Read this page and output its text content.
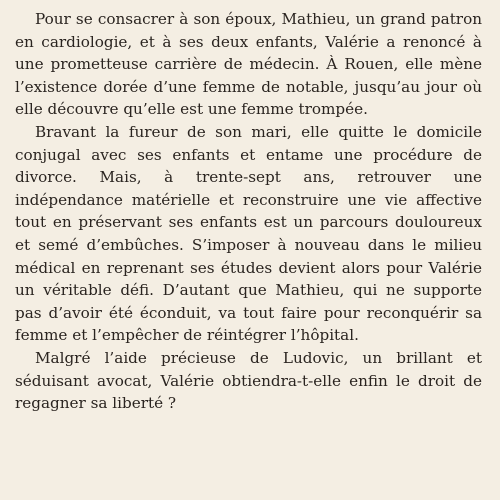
Pour se consacrer à son époux, Mathieu, un grand patron en cardiologie, et à ses deux enfants, Valérie a renoncé à une prometteuse carrière de médecin. À Rouen, elle mène l’existence dorée d’une femme de notable, jusqu’au jour où elle découvre qu’elle est une femme trompée.

Bravant la fureur de son mari, elle quitte le domicile conjugal avec ses enfants et entame une procédure de divorce. Mais, à trente-sept ans, retrouver une indépendance matérielle et reconstruire une vie affective tout en préservant ses enfants est un parcours douloureux et semé d’embûches. S’imposer à nouveau dans le milieu médical en reprenant ses études devient alors pour Valérie un véritable défi. D’autant que Mathieu, qui ne supporte pas d’avoir été éconduit, va tout faire pour reconquérir sa femme et l’empêcher de réintégrer l’hôpital.

Malgré l’aide précieuse de Ludovic, un brillant et séduisant avocat, Valérie obtiendra-t-elle enfin le droit de regagner sa liberté ?
